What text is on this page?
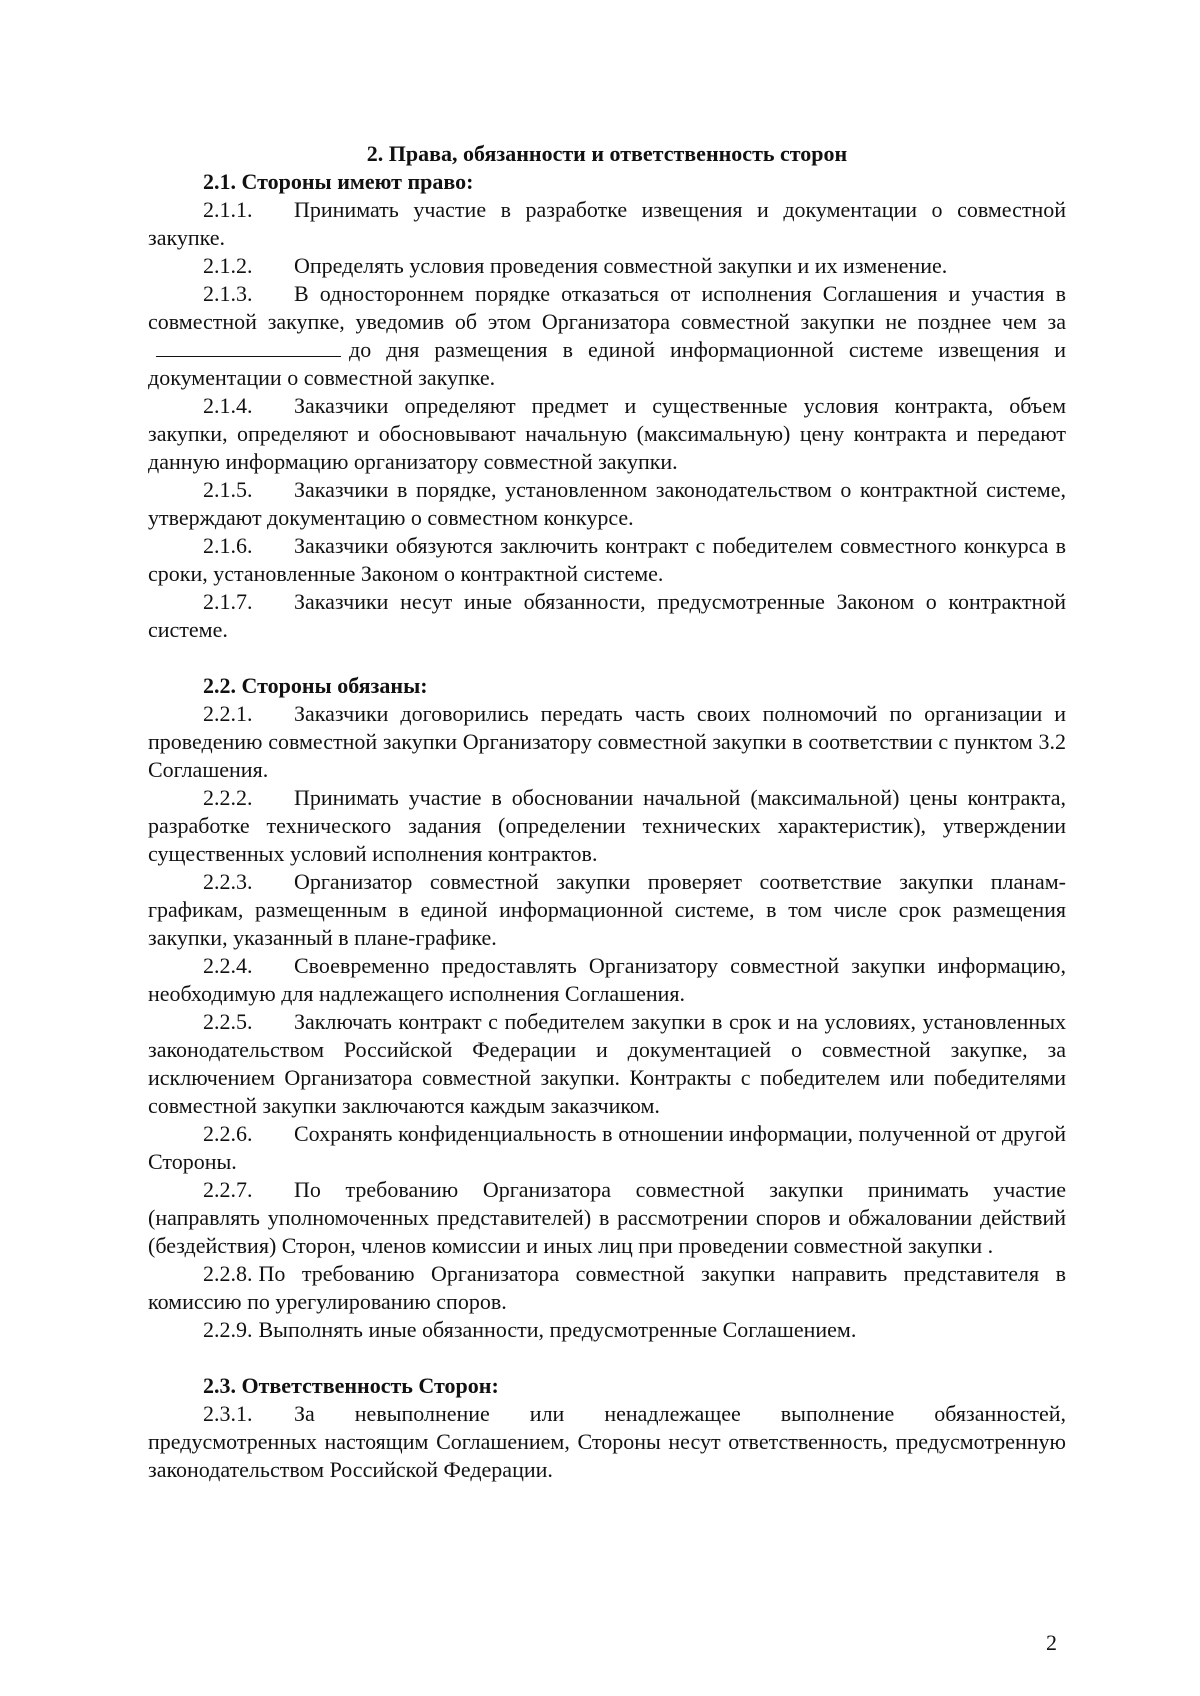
2. Права, обязанности и ответственность сторон

2.1. Стороны имеют право:

2.1.1. Принимать участие в разработке извещения и документации о совместной закупке.

2.1.2. Определять условия проведения совместной закупки и их изменение.

2.1.3. В одностороннем порядке отказаться от исполнения Соглашения и участия в совместной закупке, уведомив об этом Организатора совместной закупки не позднее чем задо дня размещения в единой информационной системе извещения и документации о совместной закупке.

2.1.4. Заказчики определяют предмет и существенные условия контракта, объем закупки, определяют и обосновывают начальную (максимальную) цену контракта и передают данную информацию организатору совместной закупки.

2.1.5. Заказчики в порядке, установленном законодательством о контрактной системе, утверждают документацию о совместном конкурсе.

2.1.6. Заказчики обязуются заключить контракт с победителем совместного конкурса в сроки, установленные Законом о контрактной системе.

2.1.7. Заказчики несут иные обязанности, предусмотренные Законом о контрактной системе.

2.2. Стороны обязаны:

2.2.1. Заказчики договорились передать часть своих полномочий по организации и проведению совместной закупки Организатору совместной закупки в соответствии с пунктом 3.2 Соглашения.

2.2.2. Принимать участие в обосновании начальной (максимальной) цены контракта, разработке технического задания (определении технических характеристик), утверждении существенных условий исполнения контрактов.

2.2.3. Организатор совместной закупки проверяет соответствие закупки планам-графикам, размещенным в единой информационной системе, в том числе срок размещения закупки, указанный в плане-графике.

2.2.4. Своевременно предоставлять Организатору совместной закупки информацию, необходимую для надлежащего исполнения Соглашения.

2.2.5. Заключать контракт с победителем закупки в срок и на условиях, установленных законодательством Российской Федерации и документацией о совместной закупке, за исключением Организатора совместной закупки. Контракты с победителем или победителями совместной закупки заключаются каждым заказчиком.

2.2.6. Сохранять конфиденциальность в отношении информации, полученной от другой Стороны.

2.2.7. По требованию Организатора совместной закупки принимать участие (направлять уполномоченных представителей) в рассмотрении споров и обжаловании действий (бездействия) Сторон, членов комиссии и иных лиц при проведении совместной закупки .

2.2.8. По требованию Организатора совместной закупки направить представителя в комиссию по урегулированию споров.

2.2.9. Выполнять иные обязанности, предусмотренные Соглашением.

2.3. Ответственность Сторон:

2.3.1. За невыполнение или ненадлежащее выполнение обязанностей, предусмотренных настоящим Соглашением, Стороны несут ответственность, предусмотренную законодательством Российской Федерации.

2
